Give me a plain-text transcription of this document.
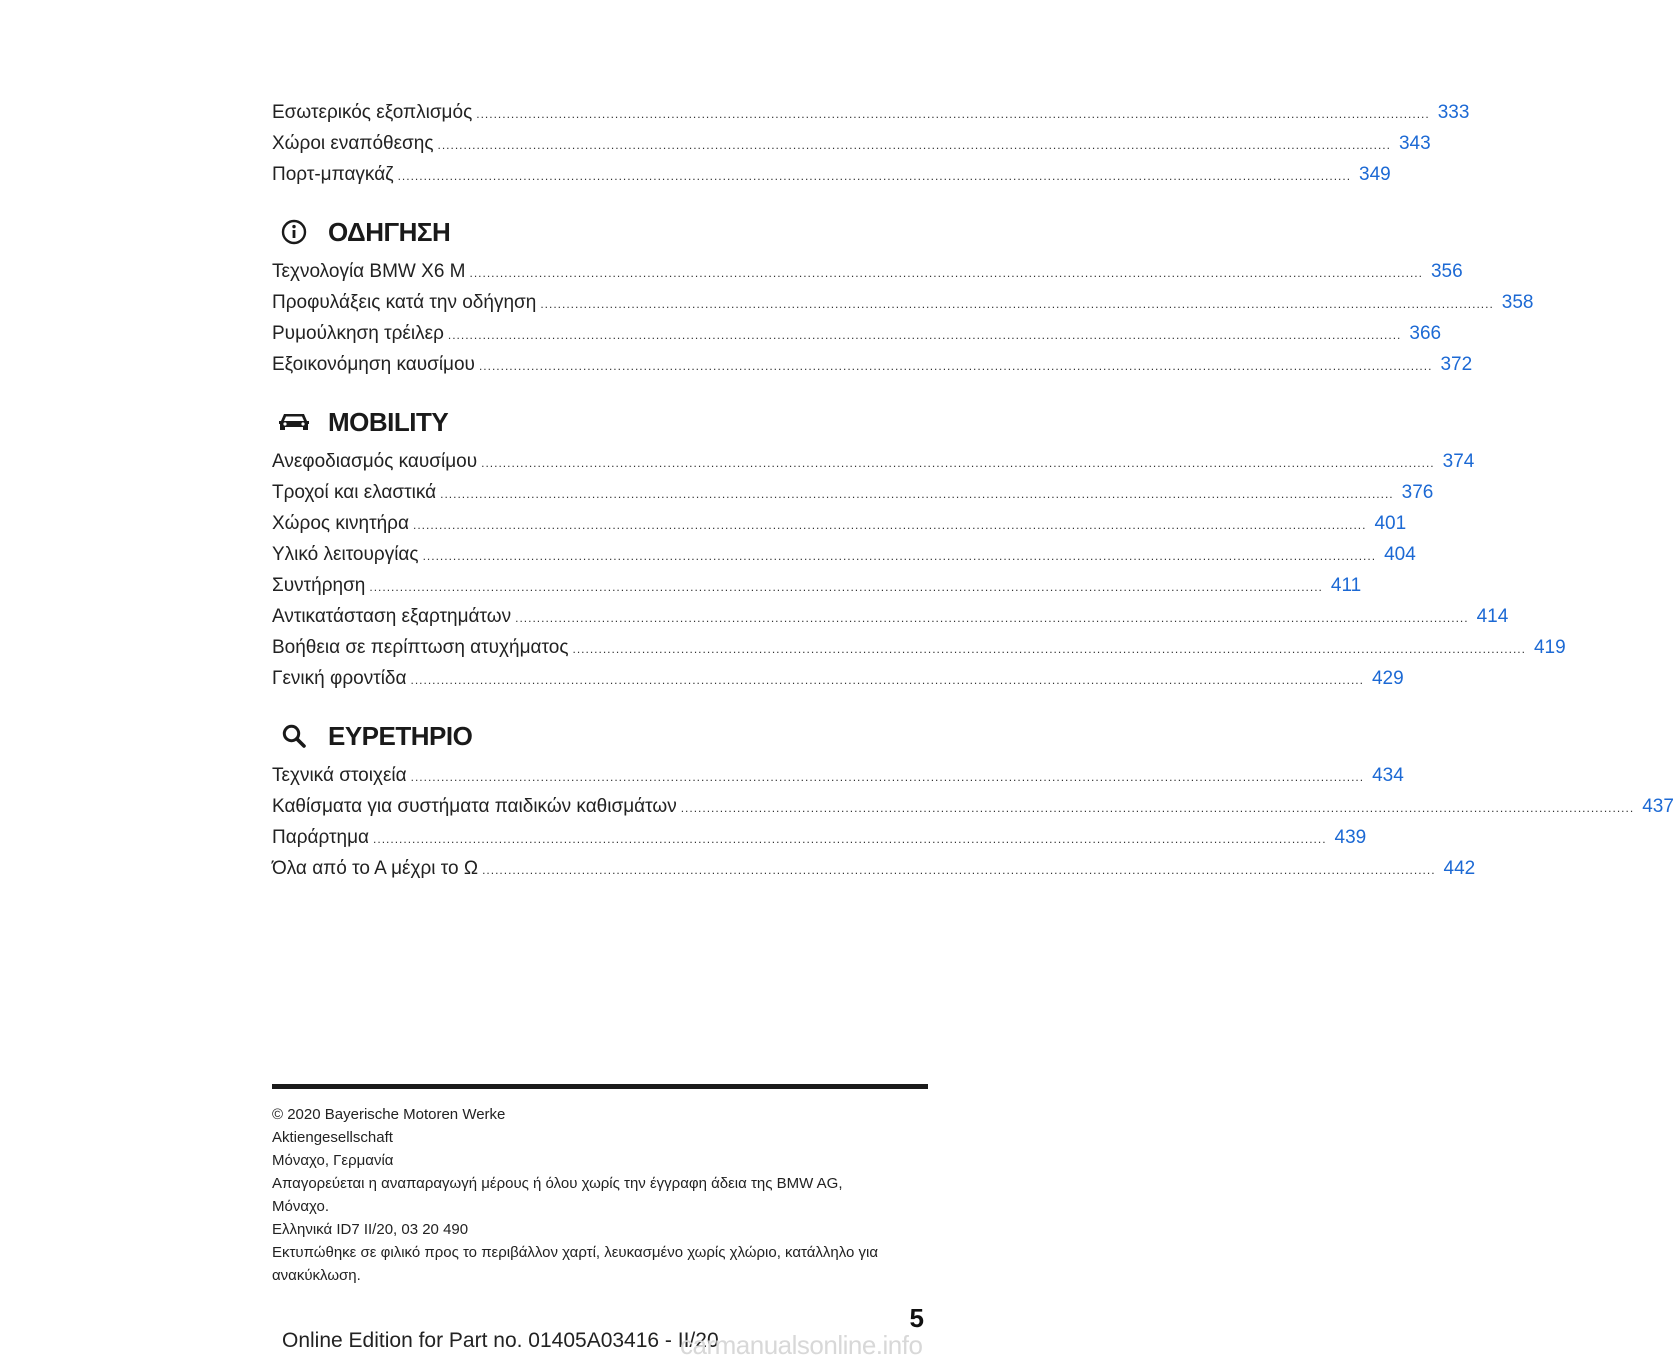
Εσωτερικός εξοπλισμός ............................................................................................................................................................................................................................ 333
Χώροι εναπόθεσης ............................................................................................................................................................................................................................ 343
Πορτ-μπαγκάζ ............................................................................................................................................................................................................................ 349
ΟΔΗΓΗΣΗ
Τεχνολογία BMW X6 M ............................................................................................................................................................................................................................ 356
Προφυλάξεις κατά την οδήγηση ............................................................................................................................................................................................................................ 358
Ρυμούλκηση τρέιλερ ............................................................................................................................................................................................................................ 366
Εξοικονόμηση καυσίμου ............................................................................................................................................................................................................................ 372
MOBILITY
Ανεφοδιασμός καυσίμου ............................................................................................................................................................................................................................ 374
Τροχοί και ελαστικά ............................................................................................................................................................................................................................ 376
Χώρος κινητήρα ............................................................................................................................................................................................................................ 401
Υλικό λειτουργίας ............................................................................................................................................................................................................................ 404
Συντήρηση ............................................................................................................................................................................................................................ 411
Αντικατάσταση εξαρτημάτων ............................................................................................................................................................................................................................ 414
Βοήθεια σε περίπτωση ατυχήματος ............................................................................................................................................................................................................................ 419
Γενική φροντίδα ............................................................................................................................................................................................................................ 429
ΕΥΡΕΤΗΡΙΟ
Τεχνικά στοιχεία ............................................................................................................................................................................................................................ 434
Καθίσματα για συστήματα παιδικών καθισμάτων ............................................................................................................................................................................................................................ 437
Παράρτημα ............................................................................................................................................................................................................................ 439
Όλα από το Α μέχρι το Ω ............................................................................................................................................................................................................................ 442
© 2020 Bayerische Motoren Werke
Aktiengesellschaft
Μόναχο, Γερμανία
Απαγορεύεται η αναπαραγωγή μέρους ή όλου χωρίς την έγγραφη άδεια της BMW AG,
Μόναχο.
Ελληνικά ID7 II/20, 03 20 490
Εκτυπώθηκε σε φιλικό προς το περιβάλλον χαρτί, λευκασμένο χωρίς χλώριο, κατάλληλο για
ανακύκλωση.
5
Online Edition for Part no. 01405A03416 - II/20
carmanualsonline.info
